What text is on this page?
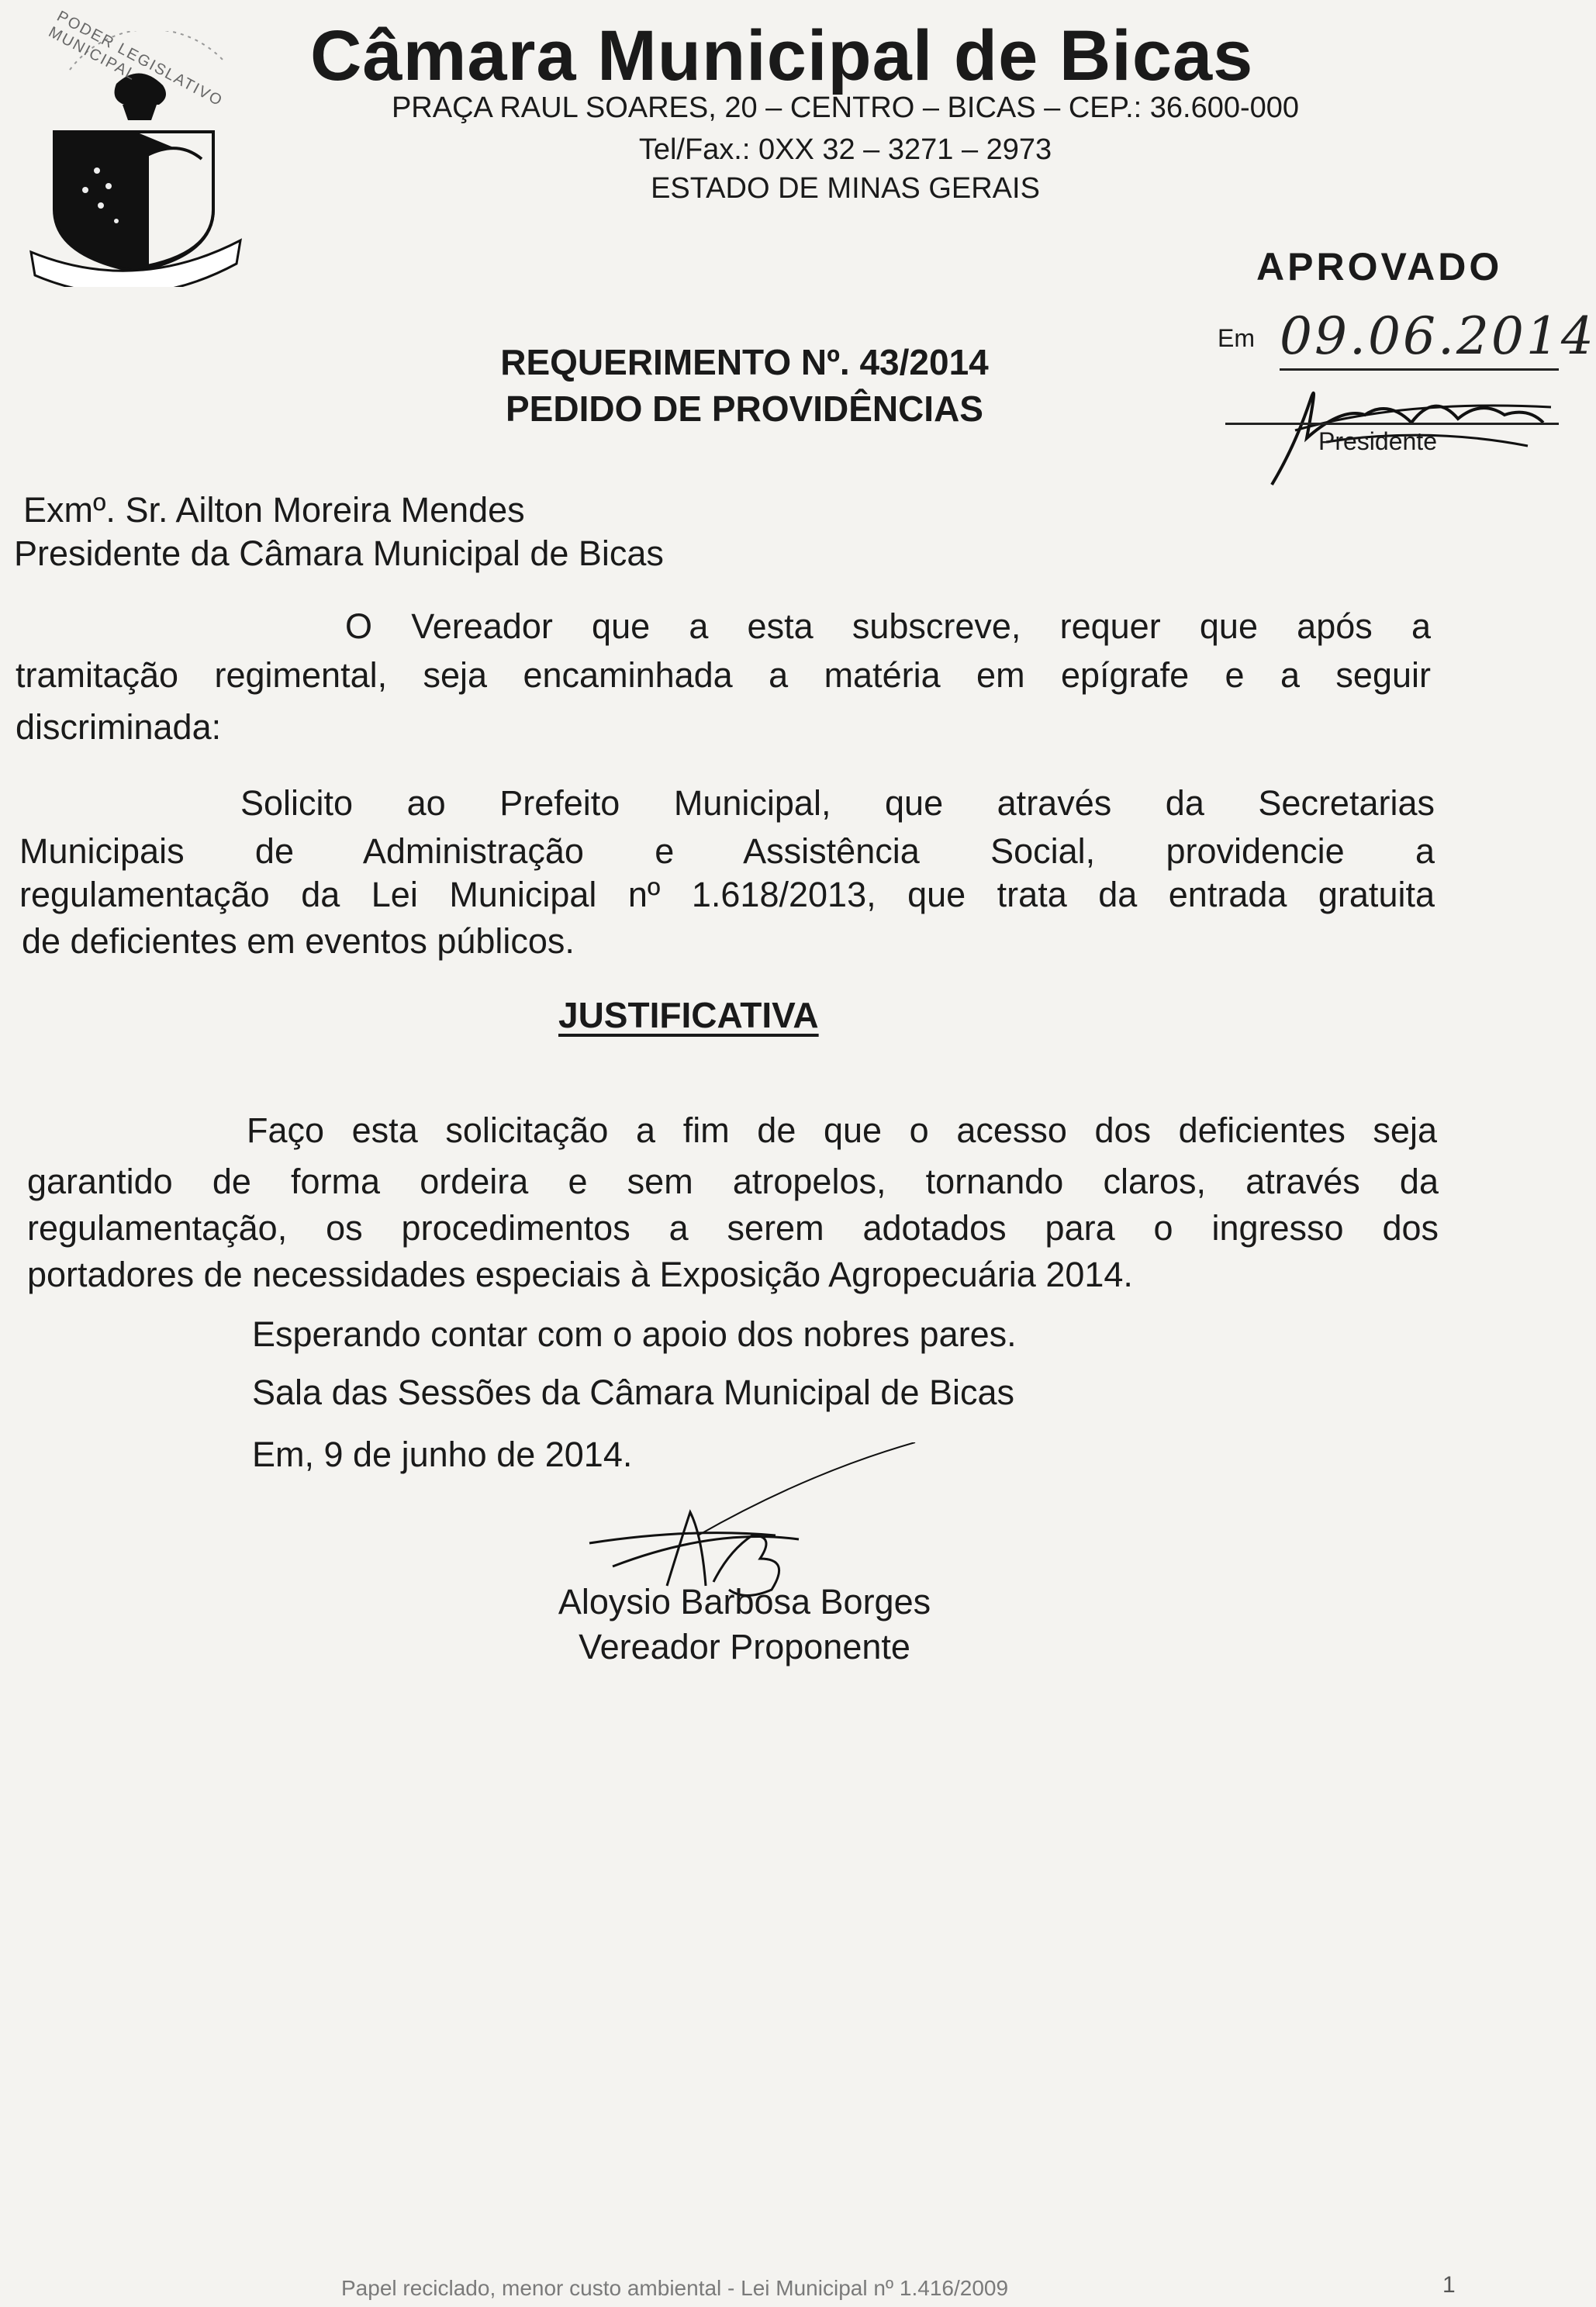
PODER LEGISLATIVO MUNICIPAL	Câmara Municipal de Bicas
PRAÇA RAUL SOARES, 20 – CENTRO – BICAS – CEP.: 36.600-000
Tel/Fax.: 0XX 32 – 3271 – 2973
ESTADO DE MINAS GERAIS
APROVADO
Em 09.06.2014
Presidente
REQUERIMENTO Nº. 43/2014
PEDIDO DE PROVIDÊNCIAS
Exmº. Sr. Ailton Moreira Mendes
Presidente da Câmara Municipal de Bicas
O Vereador que a esta subscreve, requer que após a
tramitação regimental, seja encaminhada a matéria em epígrafe e a seguir
discriminada:
Solicito ao Prefeito Municipal, que através da Secretarias
Municipais de Administração e Assistência Social, providencie a
regulamentação da Lei Municipal nº 1.618/2013, que trata da entrada gratuita
de deficientes em eventos públicos.
JUSTIFICATIVA
Faço esta solicitação a fim de que o acesso dos deficientes seja
garantido de forma ordeira e sem atropelos, tornando claros, através da
regulamentação, os procedimentos a serem adotados para o ingresso dos
portadores de necessidades especiais à Exposição Agropecuária 2014.
Esperando contar com o apoio dos nobres pares.
Sala das Sessões da Câmara Municipal de Bicas
Em, 9 de junho de 2014.
Aloysio Barbosa Borges
Vereador Proponente
Papel reciclado, menor custo ambiental - Lei Municipal nº 1.416/2009	1
